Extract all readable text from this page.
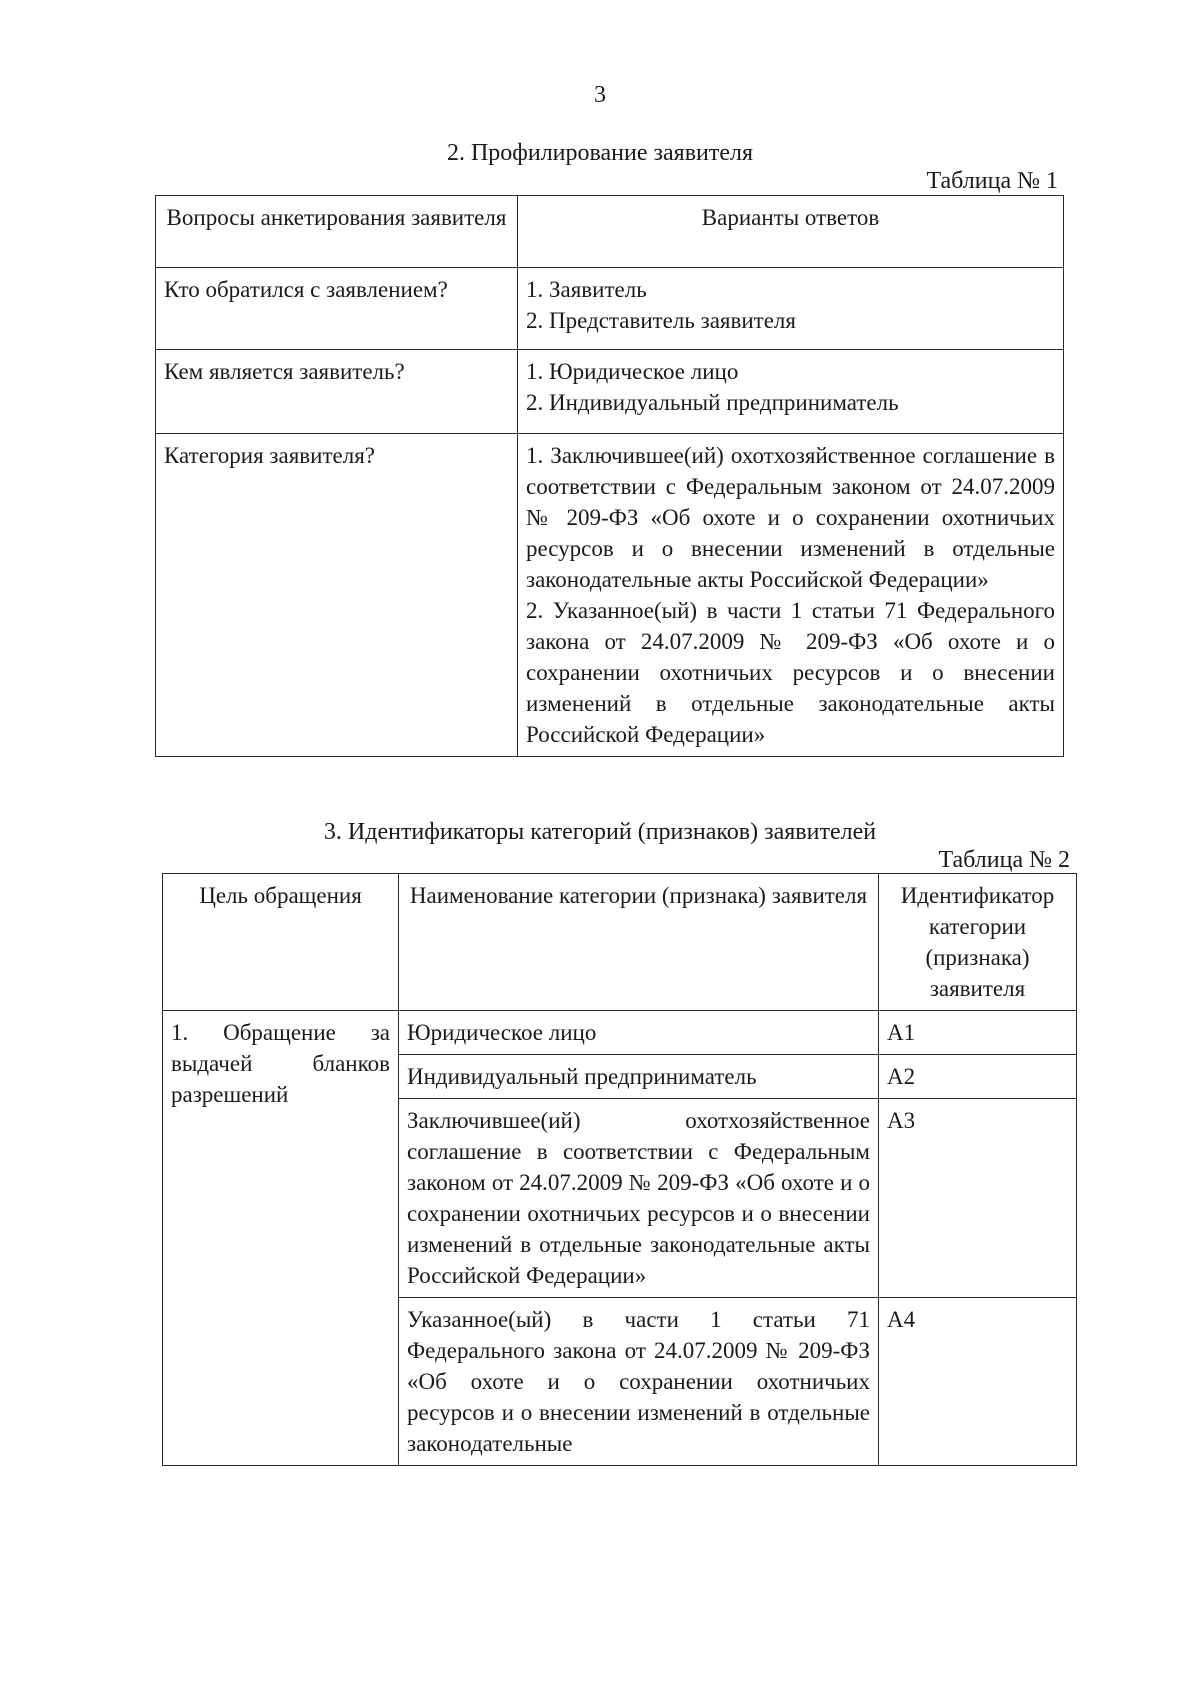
3
2. Профилирование заявителя
Таблица № 1
Вопросы анкетирования заявителя	Варианты ответов
Кто обратился с заявлением?	1. Заявитель
2. Представитель заявителя

Кем является заявитель?	1. Юридическое лицо
2. Индивидуальный предприниматель

Категория заявителя?	1. Заключившее(ий) охотхозяйственное соглашение в соответствии с Федеральным законом от 24.07.2009 № 209-ФЗ «Об охоте и о сохранении охотничьих ресурсов и о внесении изменений в отдельные законодательные акты Российской Федерации»
2. Указанное(ый) в части 1 статьи 71 Федерального закона от 24.07.2009 № 209-ФЗ «Об охоте и о сохранении охотничьих ресурсов и о внесении изменений в отдельные законодательные акты Российской Федерации»
3. Идентификаторы категорий (признаков) заявителей
Таблица № 2
Цель обращения	Наименование категории (признака) заявителя	Идентификатор категории (признака) заявителя
1. Обращение за выдачей бланков разрешений	Юридическое лицо	А1
	Индивидуальный предприниматель	А2
	Заключившее(ий) охотхозяйственное соглашение в соответствии с Федеральным законом от 24.07.2009 № 209-ФЗ «Об охоте и о сохранении охотничьих ресурсов и о внесении изменений в отдельные законодательные акты Российской Федерации»	А3
	Указанное(ый) в части 1 статьи 71 Федерального закона от 24.07.2009 № 209-ФЗ «Об охоте и о сохранении охотничьих ресурсов и о внесении изменений в отдельные законодательные	А4
